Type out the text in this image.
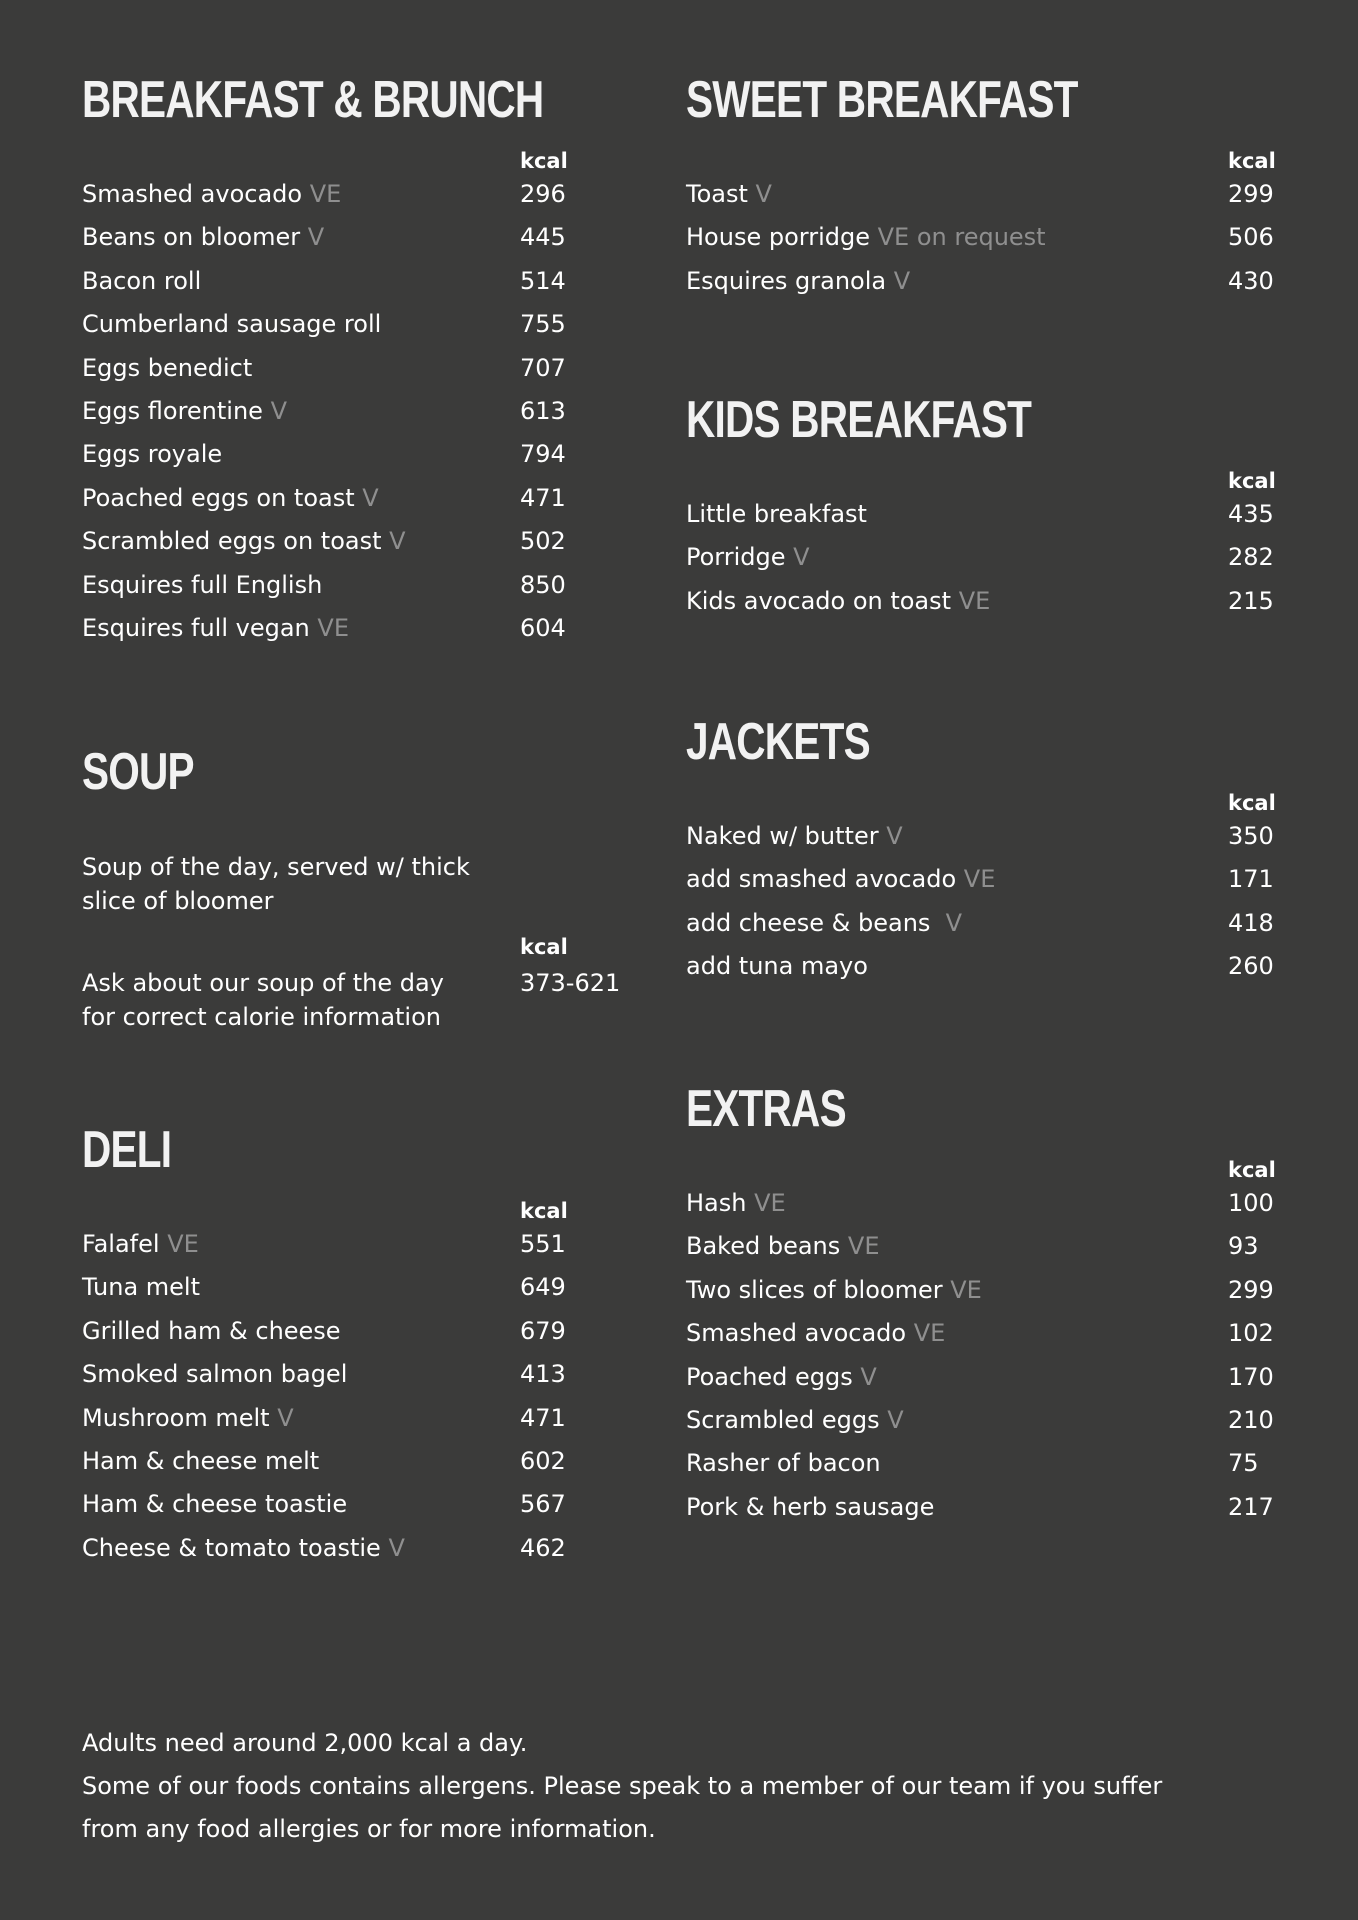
BREAKFAST & BRUNCH
kcal
Smashed avocado VE	296
Beans on bloomer V	445
Bacon roll	514
Cumberland sausage roll	755
Eggs benedict	707
Eggs florentine V	613
Eggs royale	794
Poached eggs on toast V	471
Scrambled eggs on toast V	502
Esquires full English	850
Esquires full vegan VE	604
SOUP
Soup of the day, served w/ thick
slice of bloomer
kcal
Ask about our soup of the day
for correct calorie information
373-621
DELI
kcal
Falafel VE	551
Tuna melt	649
Grilled ham & cheese	679
Smoked salmon bagel	413
Mushroom melt V	471
Ham & cheese melt	602
Ham & cheese toastie	567
Cheese & tomato toastie V	462
SWEET BREAKFAST
kcal
Toast V	299
House porridge VE on request	506
Esquires granola V	430
KIDS BREAKFAST
kcal
Little breakfast	435
Porridge V	282
Kids avocado on toast VE	215
JACKETS
kcal
Naked w/ butter V	350
add smashed avocado VE	171
add cheese & beans  V	418
add tuna mayo	260
EXTRAS
kcal
Hash VE	100
Baked beans VE	93
Two slices of bloomer VE	299
Smashed avocado VE	102
Poached eggs V	170
Scrambled eggs V	210
Rasher of bacon	75
Pork & herb sausage	217
Adults need around 2,000 kcal a day.
Some of our foods contains allergens. Please speak to a member of our team if you suffer
from any food allergies or for more information.
